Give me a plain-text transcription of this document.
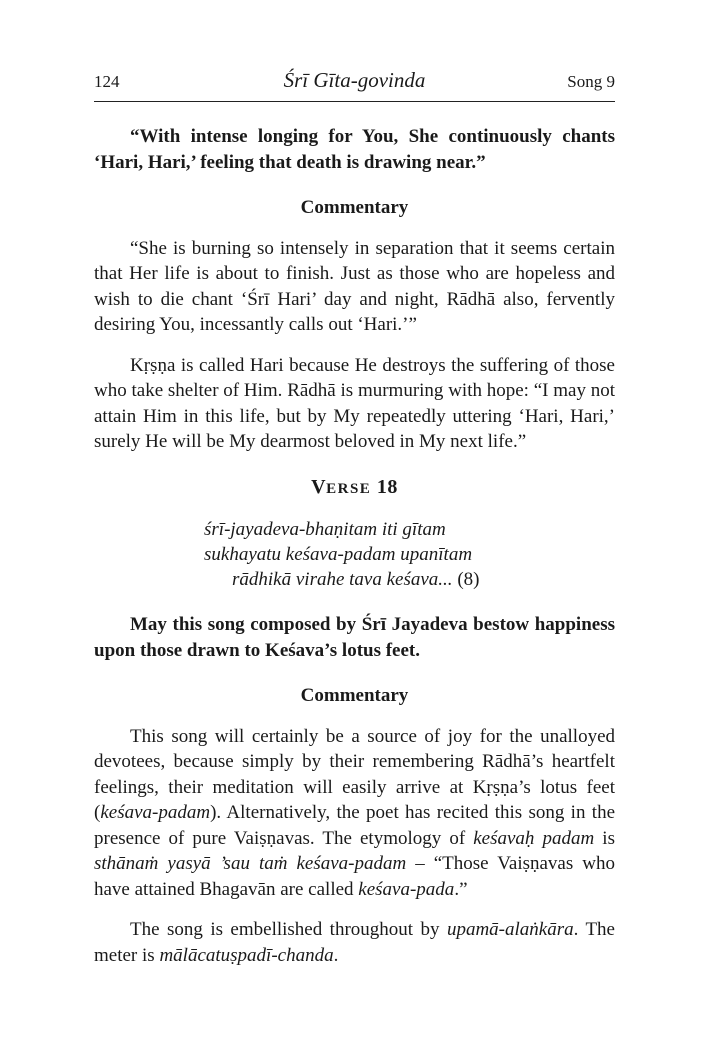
124	Śrī Gīta-govinda	Song 9

“With intense longing for You, She continuously chants ‘Hari, Hari,’ feeling that death is drawing near.”

Commentary

“She is burning so intensely in separation that it seems certain that Her life is about to finish. Just as those who are hopeless and wish to die chant ‘Śrī Hari’ day and night, Rādhā also, fervently desiring You, incessantly calls out ‘Hari.’”

Kṛṣṇa is called Hari because He destroys the suffering of those who take shelter of Him. Rādhā is murmuring with hope: “I may not attain Him in this life, but by My repeatedly uttering ‘Hari, Hari,’ surely He will be My dearmost beloved in My next life.”

VERSE 18

śrī-jayadeva-bhaṇitam iti gītam
sukhayatu keśava-padam upanītam
rādhikā virahe tava keśava... (8)

May this song composed by Śrī Jayadeva bestow happiness upon those drawn to Keśava’s lotus feet.

Commentary

This song will certainly be a source of joy for the unalloyed devotees, because simply by their remembering Rādhā’s heartfelt feelings, their meditation will easily arrive at Kṛṣṇa’s lotus feet (keśava-padam). Alternatively, the poet has recited this song in the presence of pure Vaiṣṇavas. The etymology of keśavaḥ padam is sthānaṁ yasyā ’sau taṁ keśava-padam – “Those Vaiṣṇavas who have attained Bhagavān are called keśava-pada.”

The song is embellished throughout by upamā-alaṅkāra. The meter is mālācatuṣpadī-chanda.
